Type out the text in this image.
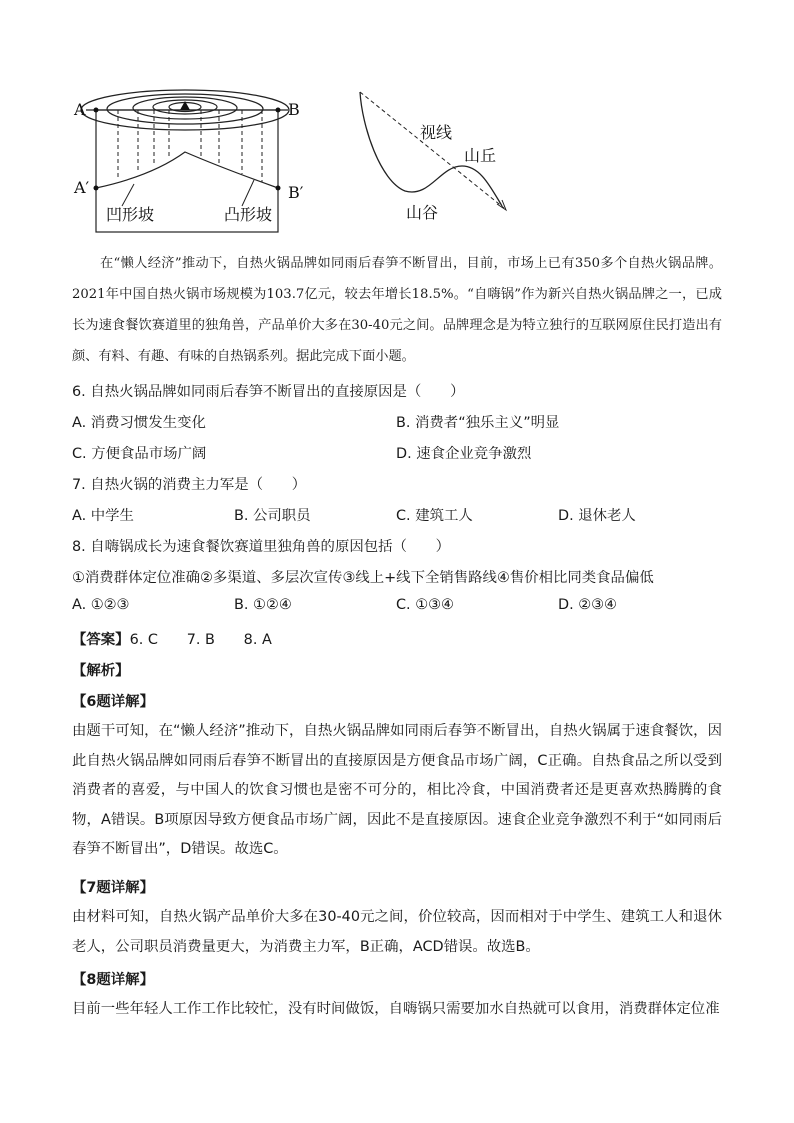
A	B
A′	B′
凹形坡	凸形坡
视线
山丘
山谷

在“懒人经济”推动下，自热火锅品牌如同雨后春笋不断冒出，目前，市场上已有350多个自热火锅品牌。2021年中国自热火锅市场规模为103.7亿元，较去年增长18.5%。“自嗨锅”作为新兴自热火锅品牌之一，已成长为速食餐饮赛道里的独角兽，产品单价大多在30-40元之间。品牌理念是为特立独行的互联网原住民打造出有颜、有料、有趣、有味的自热锅系列。据此完成下面小题。

6. 自热火锅品牌如同雨后春笋不断冒出的直接原因是（　　）
A. 消费习惯发生变化	B. 消费者“独乐主义”明显
C. 方便食品市场广阔	D. 速食企业竞争激烈
7. 自热火锅的消费主力军是（　　）
A. 中学生	B. 公司职员	C. 建筑工人	D. 退休老人
8. 自嗨锅成长为速食餐饮赛道里独角兽的原因包括（　　）
①消费群体定位准确②多渠道、多层次宣传③线上+线下全销售路线④售价相比同类食品偏低
A. ①②③	B. ①②④	C. ①③④	D. ②③④
【答案】6. C　　7. B　　8. A
【解析】
【6题详解】
由题干可知，在“懒人经济”推动下，自热火锅品牌如同雨后春笋不断冒出，自热火锅属于速食餐饮，因此自热火锅品牌如同雨后春笋不断冒出的直接原因是方便食品市场广阔，C正确。自热食品之所以受到消费者的喜爱，与中国人的饮食习惯也是密不可分的，相比冷食，中国消费者还是更喜欢热腾腾的食物，A错误。B项原因导致方便食品市场广阔，因此不是直接原因。速食企业竞争激烈不利于“如同雨后春笋不断冒出”，D错误。故选C。
【7题详解】
由材料可知，自热火锅产品单价大多在30-40元之间，价位较高，因而相对于中学生、建筑工人和退休老人，公司职员消费量更大，为消费主力军，B正确，ACD错误。故选B。
【8题详解】
目前一些年轻人工作工作比较忙，没有时间做饭，自嗨锅只需要加水自热就可以食用，消费群体定位准
